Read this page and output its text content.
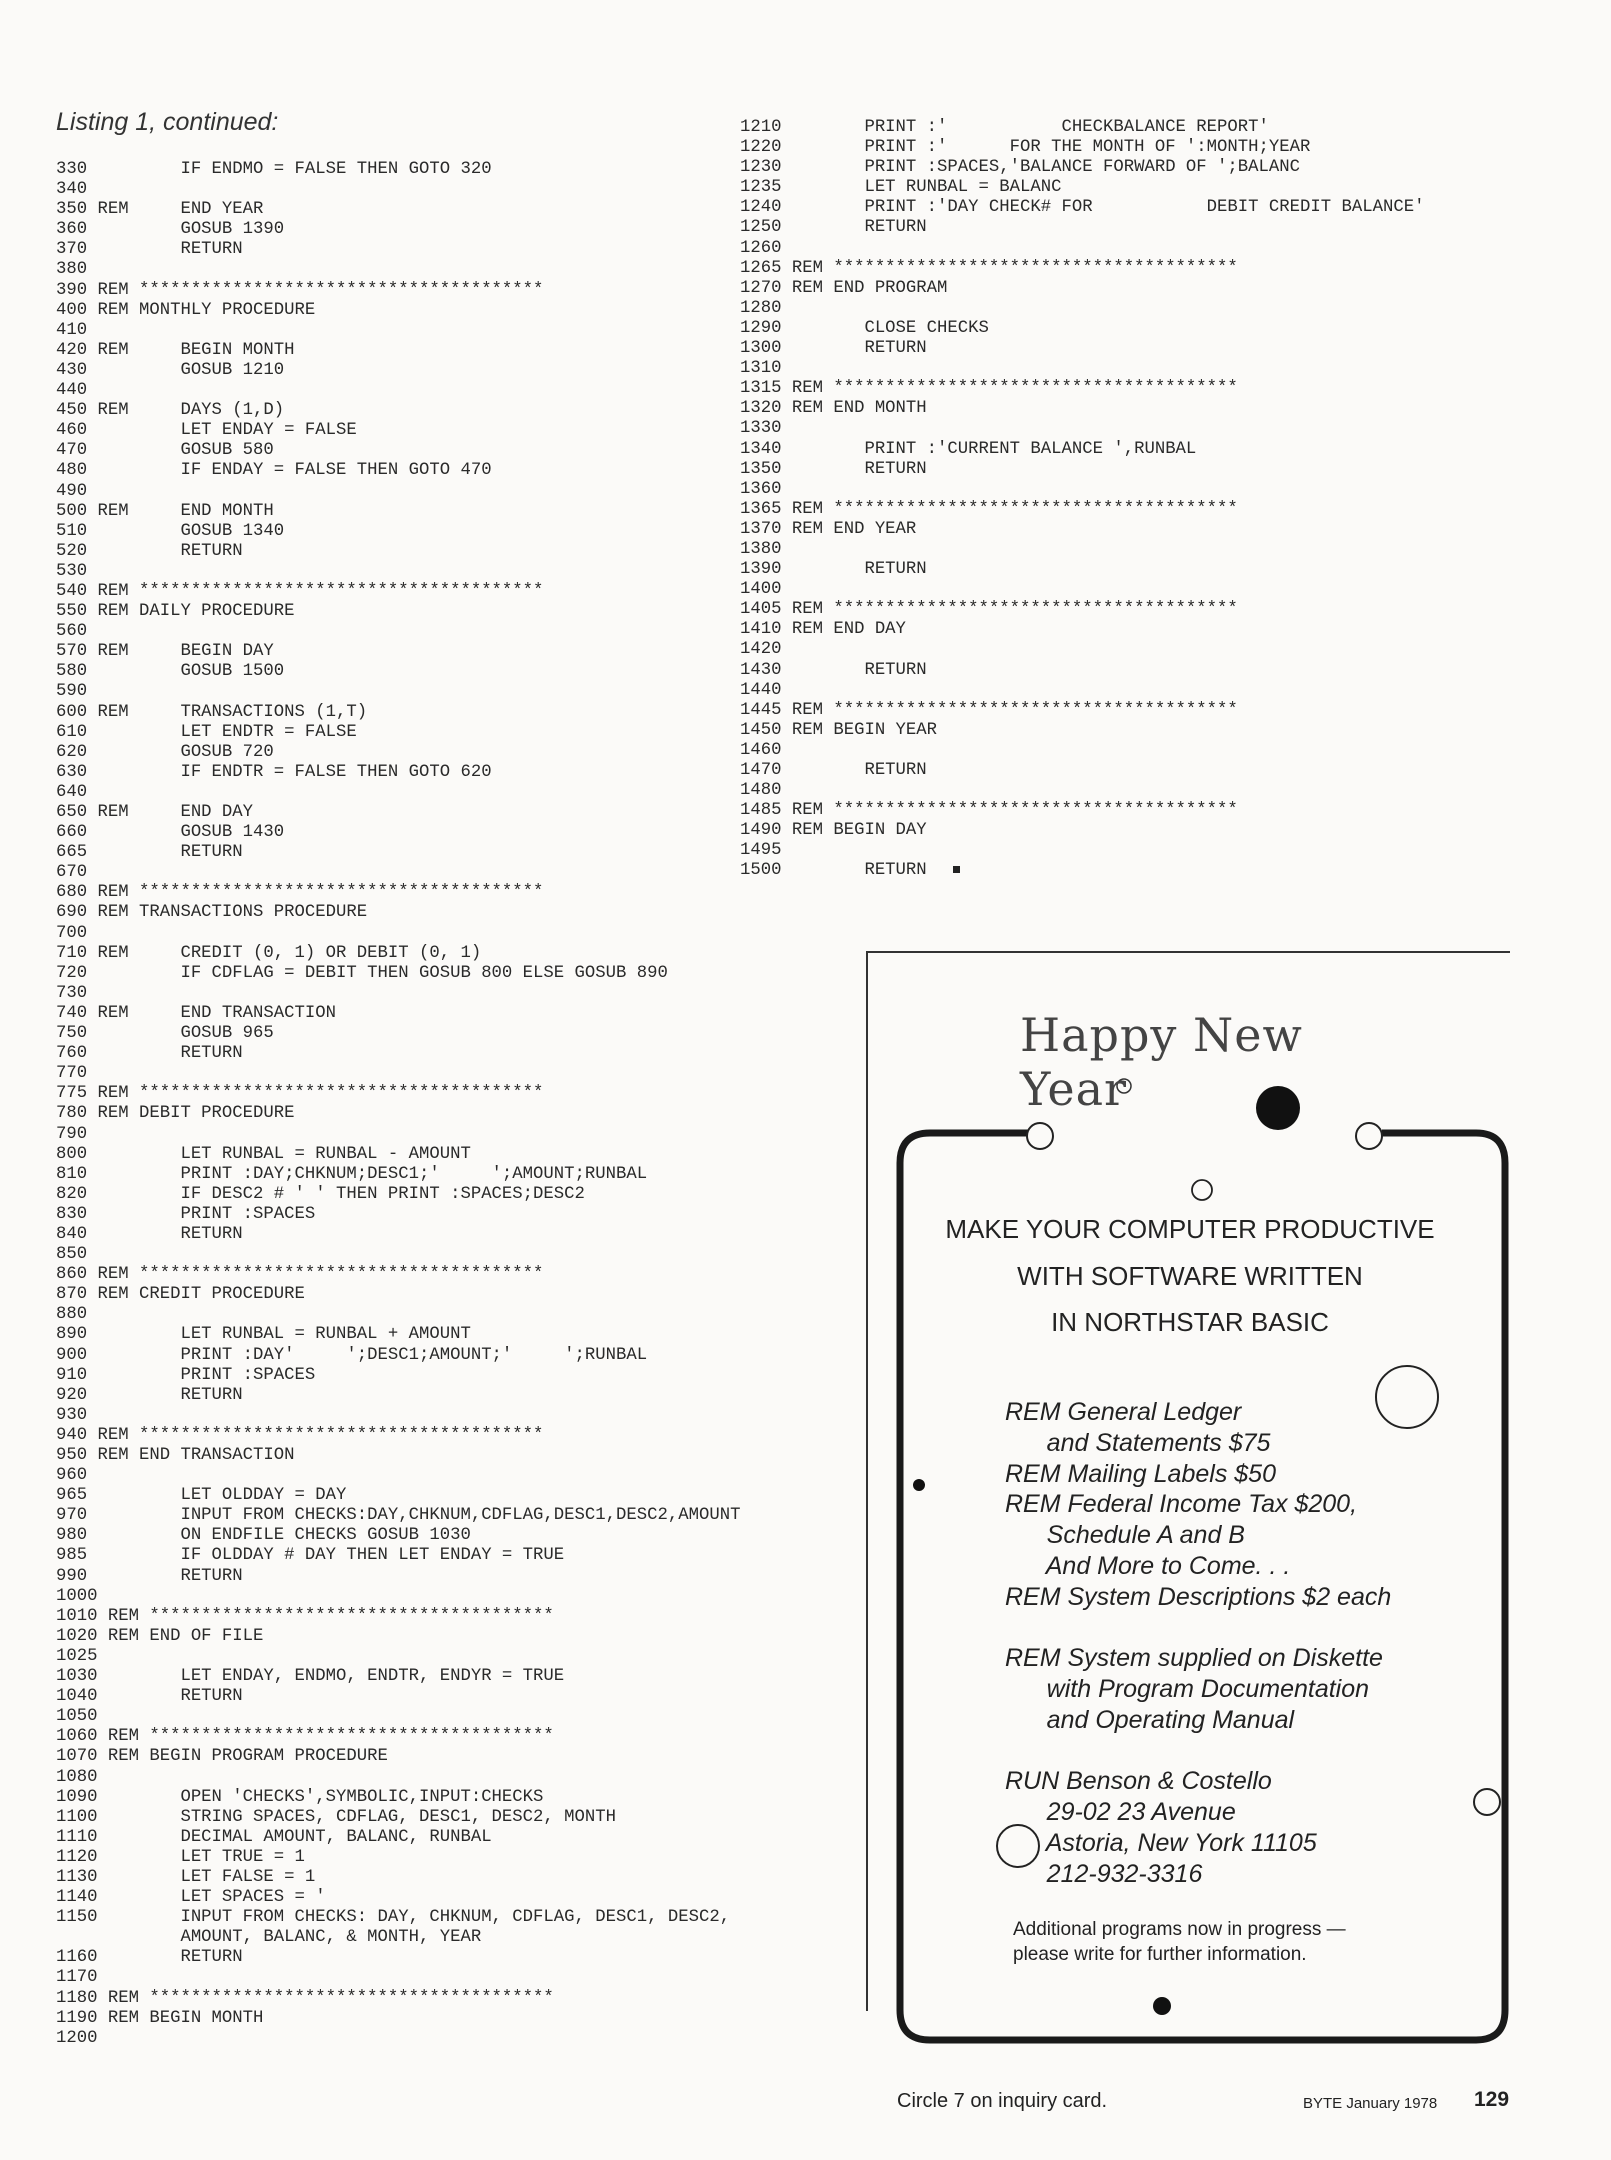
Listing 1, continued:
330         IF ENDMO = FALSE THEN GOTO 320
340
350 REM     END YEAR
360         GOSUB 1390
370         RETURN
380
390 REM ***************************************
400 REM MONTHLY PROCEDURE
410
420 REM     BEGIN MONTH
430         GOSUB 1210
440
450 REM     DAYS (1,D)
460         LET ENDAY = FALSE
470         GOSUB 580
480         IF ENDAY = FALSE THEN GOTO 470
490
500 REM     END MONTH
510         GOSUB 1340
520         RETURN
530
540 REM ***************************************
550 REM DAILY PROCEDURE
560
570 REM     BEGIN DAY
580         GOSUB 1500
590
600 REM     TRANSACTIONS (1,T)
610         LET ENDTR = FALSE
620         GOSUB 720
630         IF ENDTR = FALSE THEN GOTO 620
640
650 REM     END DAY
660         GOSUB 1430
665         RETURN
670
680 REM ***************************************
690 REM TRANSACTIONS PROCEDURE
700
710 REM     CREDIT (0, 1) OR DEBIT (0, 1)
720         IF CDFLAG = DEBIT THEN GOSUB 800 ELSE GOSUB 890
730
740 REM     END TRANSACTION
750         GOSUB 965
760         RETURN
770
775 REM ***************************************
780 REM DEBIT PROCEDURE
790
800         LET RUNBAL = RUNBAL - AMOUNT
810         PRINT :DAY;CHKNUM;DESC1;'     ';AMOUNT;RUNBAL
820         IF DESC2 # ' ' THEN PRINT :SPACES;DESC2
830         PRINT :SPACES
840         RETURN
850
860 REM ***************************************
870 REM CREDIT PROCEDURE
880
890         LET RUNBAL = RUNBAL + AMOUNT
900         PRINT :DAY'     ';DESC1;AMOUNT;'     ';RUNBAL
910         PRINT :SPACES
920         RETURN
930
940 REM ***************************************
950 REM END TRANSACTION
960
965         LET OLDDAY = DAY
970         INPUT FROM CHECKS:DAY,CHKNUM,CDFLAG,DESC1,DESC2,AMOUNT
980         ON ENDFILE CHECKS GOSUB 1030
985         IF OLDDAY # DAY THEN LET ENDAY = TRUE
990         RETURN
1000
1010 REM ***************************************
1020 REM END OF FILE
1025
1030        LET ENDAY, ENDMO, ENDTR, ENDYR = TRUE
1040        RETURN
1050
1060 REM ***************************************
1070 REM BEGIN PROGRAM PROCEDURE
1080
1090        OPEN 'CHECKS',SYMBOLIC,INPUT:CHECKS
1100        STRING SPACES, CDFLAG, DESC1, DESC2, MONTH
1110        DECIMAL AMOUNT, BALANC, RUNBAL
1120        LET TRUE = 1
1130        LET FALSE = 1
1140        LET SPACES = '
1150        INPUT FROM CHECKS: DAY, CHKNUM, CDFLAG, DESC1, DESC2,
AMOUNT, BALANC, & MONTH, YEAR
1160        RETURN
1170
1180 REM ***************************************
1190 REM BEGIN MONTH
1200
1210        PRINT :'           CHECKBALANCE REPORT'
1220        PRINT :'      FOR THE MONTH OF ':MONTH;YEAR
1230        PRINT :SPACES,'BALANCE FORWARD OF ';BALANC
1235        LET RUNBAL = BALANC
1240        PRINT :'DAY CHECK# FOR           DEBIT CREDIT BALANCE'
1250        RETURN
1260
1265 REM ***************************************
1270 REM END PROGRAM
1280
1290        CLOSE CHECKS
1300        RETURN
1310
1315 REM ***************************************
1320 REM END MONTH
1330
1340        PRINT :'CURRENT BALANCE ',RUNBAL
1350        RETURN
1360
1365 REM ***************************************
1370 REM END YEAR
1380
1390        RETURN
1400
1405 REM ***************************************
1410 REM END DAY
1420
1430        RETURN
1440
1445 REM ***************************************
1450 REM BEGIN YEAR
1460
1470        RETURN
1480
1485 REM ***************************************
1490 REM BEGIN DAY
1495
1500        RETURN
Happy New Year
MAKE YOUR COMPUTER PRODUCTIVE
WITH SOFTWARE WRITTEN
IN NORTHSTAR BASIC
REM General Ledger
and Statements $75
REM Mailing Labels $50
REM Federal Income Tax $200,
Schedule A and B
And More to Come. . .
REM System Descriptions $2 each
REM System supplied on Diskette
with Program Documentation
and Operating Manual
RUN Benson & Costello
29-02 23 Avenue
Astoria, New York 11105
212-932-3316
Additional programs now in progress —
please write for further information.
Circle 7 on inquiry card.	BYTE January 1978 129
